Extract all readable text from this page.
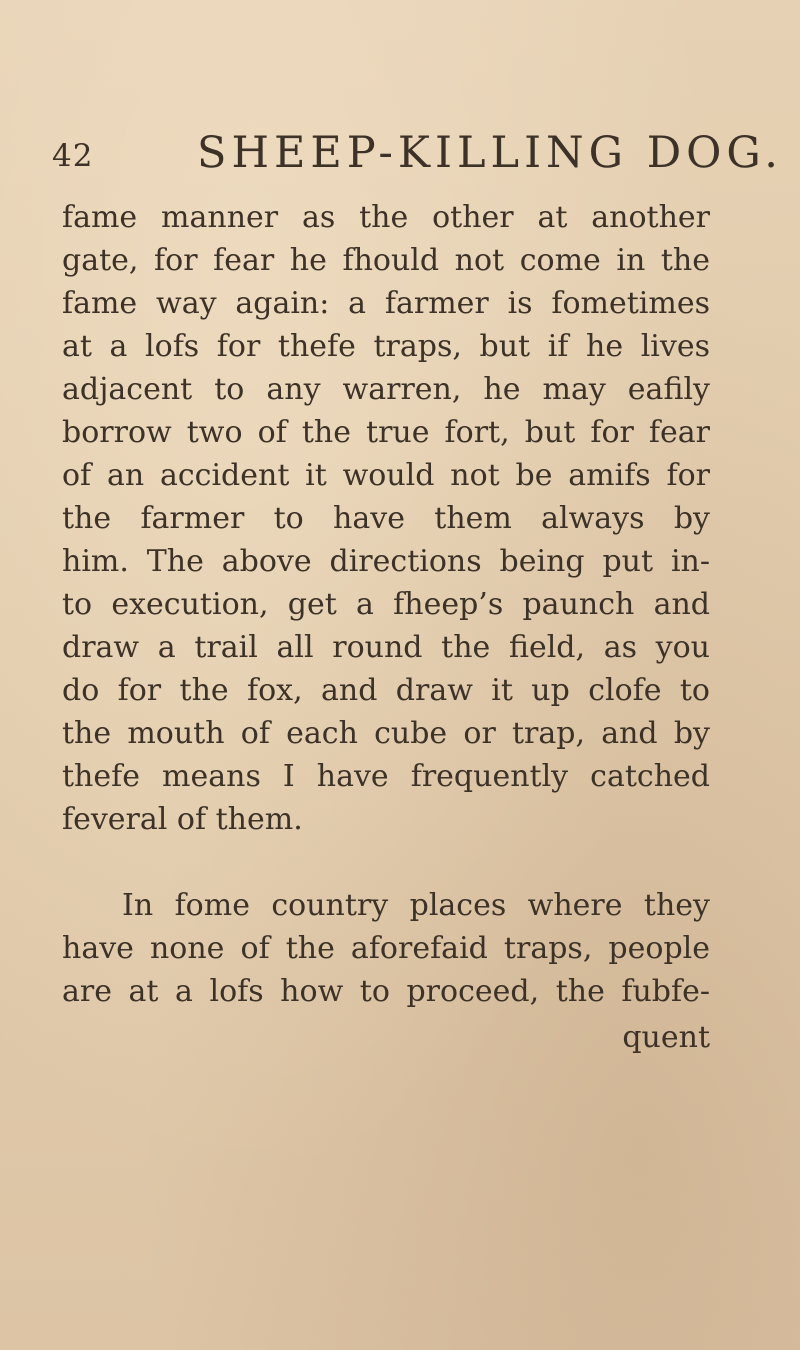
42 SHEEP-KILLING DOG.
fame manner as the other at another
gate, for fear he fhould not come in the
fame way again: a farmer is fometimes
at a lofs for thefe traps, but if he lives
adjacent to any warren, he may eafily
borrow two of the true fort, but for fear
of an accident it would not be amifs for
the farmer to have them always by
him. The above directions being put in-
to execution, get a fheep’s paunch and
draw a trail all round the field, as you
do for the fox, and draw it up clofe to
the mouth of each cube or trap, and by
thefe means I have frequently catched
feveral of them.
In fome country places where they
have none of the aforefaid traps, people
are at a lofs how to proceed, the fubfe-
quent
